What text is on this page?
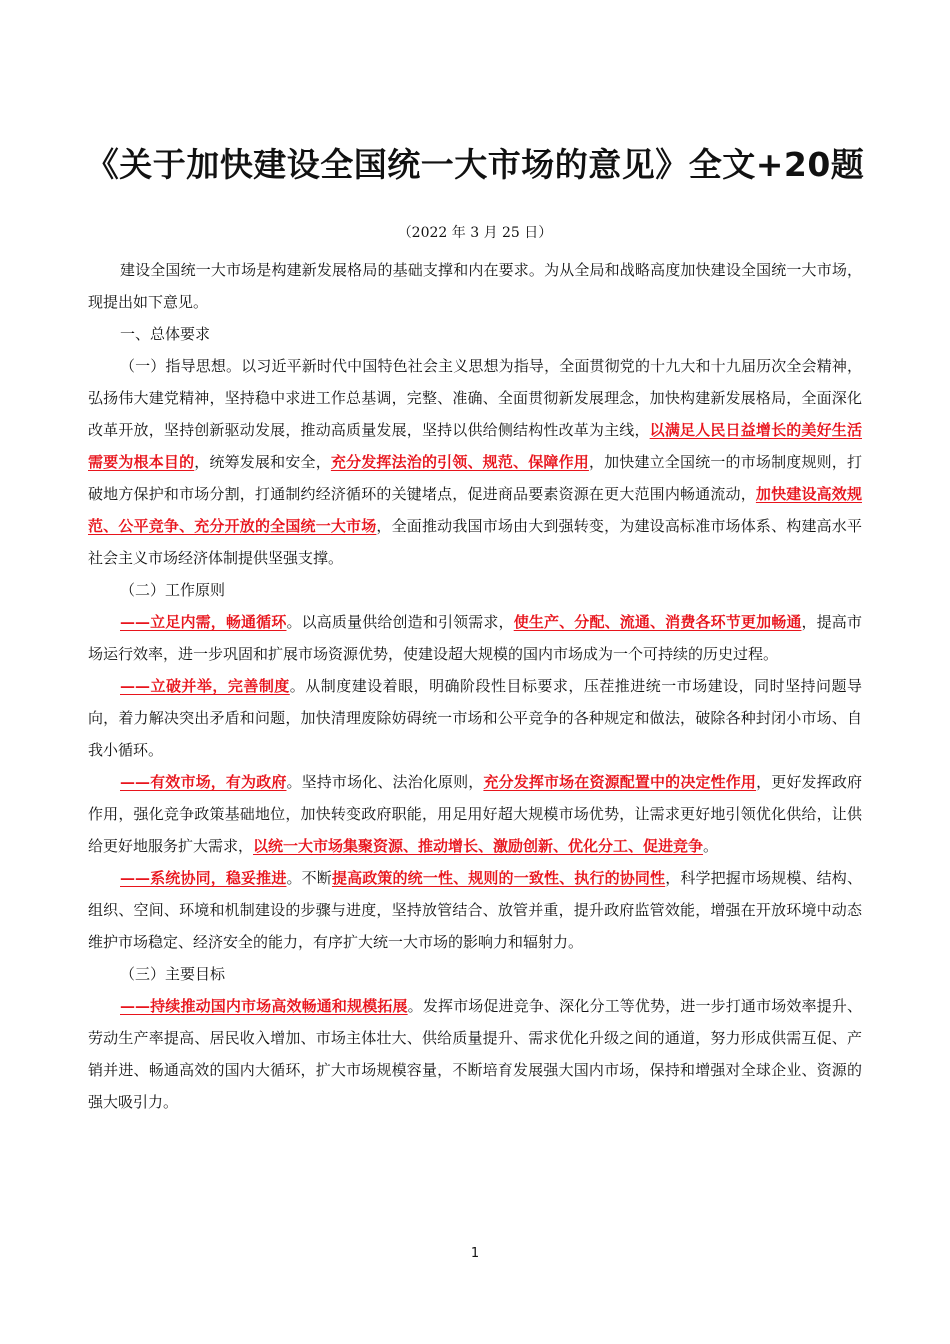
《关于加快建设全国统一大市场的意见》全文+20题
（2022 年 3 月 25 日）

建设全国统一大市场是构建新发展格局的基础支撑和内在要求。为从全局和战略高度加快建设全国统一大市场，现提出如下意见。

一、总体要求

（一）指导思想。以习近平新时代中国特色社会主义思想为指导，全面贯彻党的十九大和十九届历次全会精神，弘扬伟大建党精神，坚持稳中求进工作总基调，完整、准确、全面贯彻新发展理念，加快构建新发展格局，全面深化改革开放，坚持创新驱动发展，推动高质量发展，坚持以供给侧结构性改革为主线，以满足人民日益增长的美好生活需要为根本目的，统筹发展和安全，充分发挥法治的引领、规范、保障作用，加快建立全国统一的市场制度规则，打破地方保护和市场分割，打通制约经济循环的关键堵点，促进商品要素资源在更大范围内畅通流动，加快建设高效规范、公平竞争、充分开放的全国统一大市场，全面推动我国市场由大到强转变，为建设高标准市场体系、构建高水平社会主义市场经济体制提供坚强支撑。

（二）工作原则

——立足内需，畅通循环。以高质量供给创造和引领需求，使生产、分配、流通、消费各环节更加畅通，提高市场运行效率，进一步巩固和扩展市场资源优势，使建设超大规模的国内市场成为一个可持续的历史过程。

——立破并举，完善制度。从制度建设着眼，明确阶段性目标要求，压茬推进统一市场建设，同时坚持问题导向，着力解决突出矛盾和问题，加快清理废除妨碍统一市场和公平竞争的各种规定和做法，破除各种封闭小市场、自我小循环。

——有效市场，有为政府。坚持市场化、法治化原则，充分发挥市场在资源配置中的决定性作用，更好发挥政府作用，强化竞争政策基础地位，加快转变政府职能，用足用好超大规模市场优势，让需求更好地引领优化供给，让供给更好地服务扩大需求，以统一大市场集聚资源、推动增长、激励创新、优化分工、促进竞争。

——系统协同，稳妥推进。不断提高政策的统一性、规则的一致性、执行的协同性，科学把握市场规模、结构、组织、空间、环境和机制建设的步骤与进度，坚持放管结合、放管并重，提升政府监管效能，增强在开放环境中动态维护市场稳定、经济安全的能力，有序扩大统一大市场的影响力和辐射力。

（三）主要目标

——持续推动国内市场高效畅通和规模拓展。发挥市场促进竞争、深化分工等优势，进一步打通市场效率提升、劳动生产率提高、居民收入增加、市场主体壮大、供给质量提升、需求优化升级之间的通道，努力形成供需互促、产销并进、畅通高效的国内大循环，扩大市场规模容量，不断培育发展强大国内市场，保持和增强对全球企业、资源的强大吸引力。

1
